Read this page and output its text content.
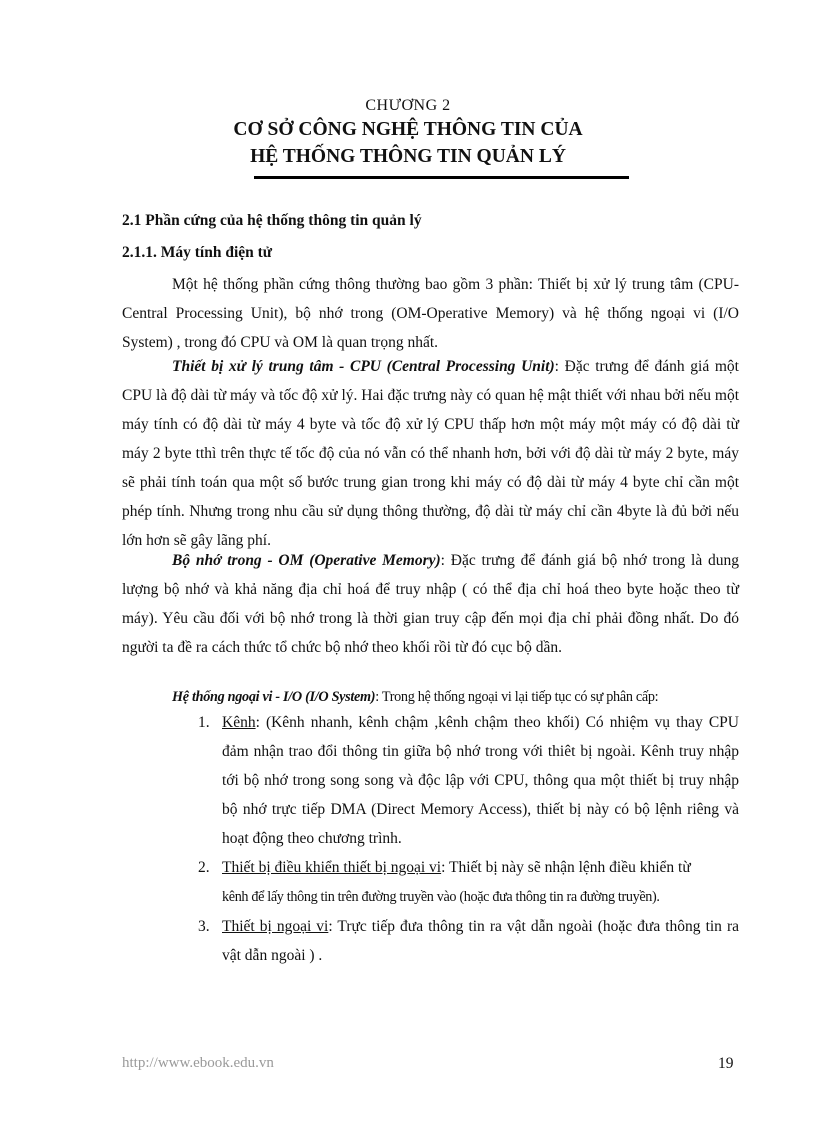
CHƯƠNG 2
CƠ SỞ CÔNG NGHỆ THÔNG TIN CỦA
HỆ THỐNG THÔNG TIN QUẢN LÝ
2.1 Phần cứng của hệ thống thông tin quản lý
2.1.1. Máy tính điện tử
Một hệ thống phần cứng thông thường bao gồm 3 phần: Thiết bị xử lý trung tâm (CPU-Central Processing Unit), bộ nhớ trong (OM-Operative Memory) và hệ thống ngoại vi (I/O System) , trong đó CPU và OM là quan trọng nhất.
Thiết bị xử lý trung tâm - CPU (Central Processing Unit): Đặc trưng để đánh giá một CPU là độ dài từ máy và tốc độ xử lý. Hai đặc trưng này có quan hệ mật thiết với nhau bởi nếu một máy tính có độ dài từ máy 4 byte và tốc độ xử lý CPU thấp hơn một máy một máy có độ dài từ máy 2 byte tthì trên thực tế tốc độ của nó vẫn có thể nhanh hơn, bởi với độ dài từ máy 2 byte, máy sẽ phải tính toán qua một số bước trung gian trong khi máy có độ dài từ máy 4 byte chỉ cần một phép tính. Nhưng trong nhu cầu sử dụng thông thường, độ dài từ máy chỉ cần 4byte là đủ bởi nếu lớn hơn sẽ gây lãng phí.
Bộ nhớ trong - OM (Operative Memory): Đặc trưng để đánh giá bộ nhớ trong là dung lượng bộ nhớ và khả năng địa chỉ hoá để truy nhập ( có thể địa chỉ hoá theo byte hoặc theo từ máy). Yêu cầu đối với bộ nhớ trong là thời gian truy cập đến mọi địa chỉ phải đồng nhất. Do đó người ta đề ra cách thức tổ chức bộ nhớ theo khối rồi từ đó cục bộ dần.
Hệ thống ngoại vi - I/O (I/O System): Trong hệ thống ngoại vi lại tiếp tục có sự phân cấp:
1. Kênh: (Kênh nhanh, kênh chậm ,kênh chậm theo khối) Có nhiệm vụ thay CPU đảm nhận trao đổi thông tin giữa bộ nhớ trong với thiêt bị ngoài. Kênh truy nhập tới bộ nhớ trong song song và độc lập với CPU, thông qua một thiết bị truy nhập bộ nhớ trực tiếp DMA (Direct Memory Access), thiết bị này có bộ lệnh riêng và hoạt động theo chương trình.
2. Thiết bị điều khiển thiết bị ngoại vi: Thiết bị này sẽ nhận lệnh điều khiển từ
kênh để lấy thông tin trên đường truyền vào (hoặc đưa thông tin ra đường truyền).
3. Thiết bị ngoại vi: Trực tiếp đưa thông tin ra vật dẫn ngoài (hoặc đưa thông tin ra vật dẫn ngoài ) .
http://www.ebook.edu.vn	19
